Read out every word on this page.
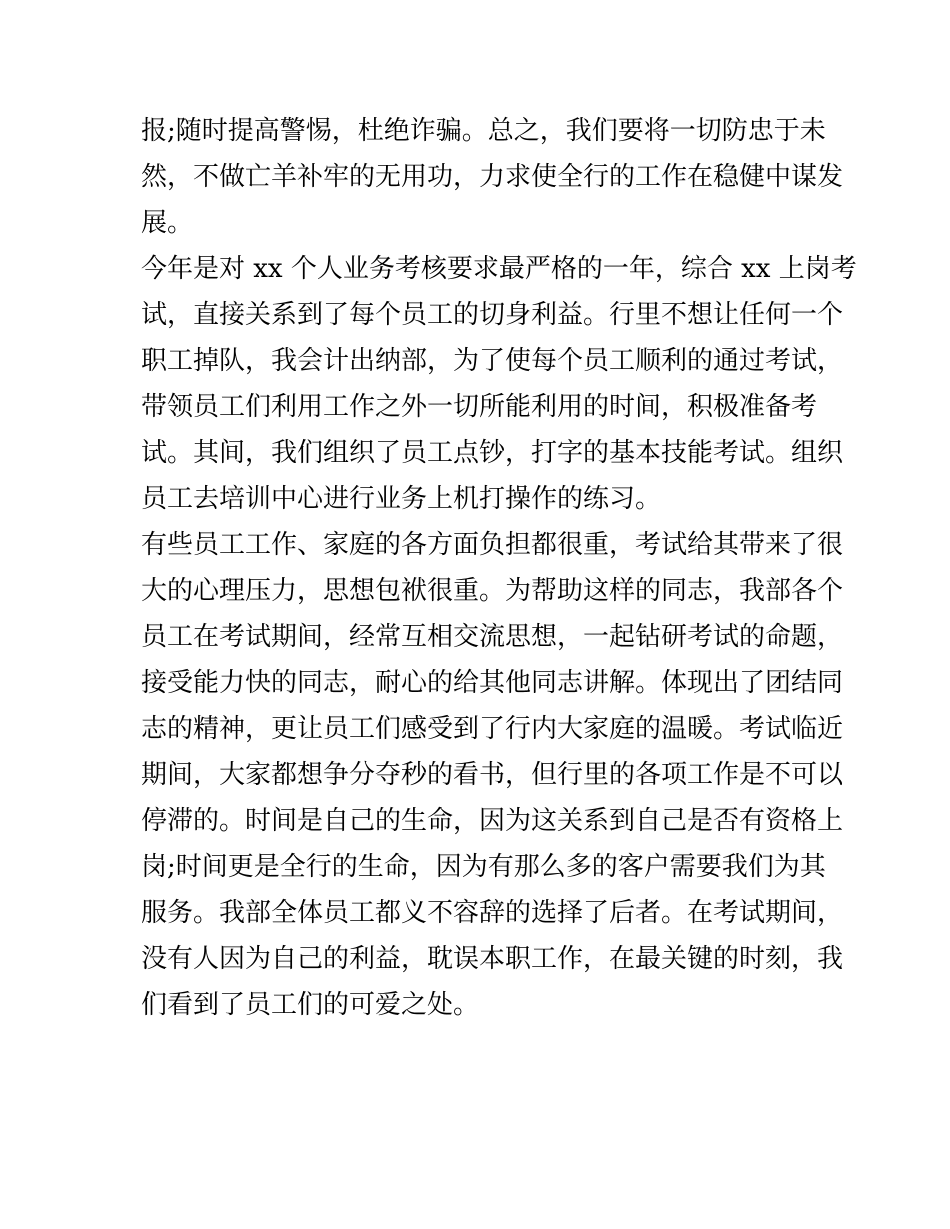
报;随时提高警惕，杜绝诈骗。总之，我们要将一切防忠于未
然，不做亡羊补牢的无用功，力求使全行的工作在稳健中谋发
展。
今年是对 xx 个人业务考核要求最严格的一年，综合 xx 上岗考
试，直接关系到了每个员工的切身利益。行里不想让任何一个
职工掉队，我会计出纳部，为了使每个员工顺利的通过考试，
带领员工们利用工作之外一切所能利用的时间，积极准备考
试。其间，我们组织了员工点钞，打字的基本技能考试。组织
员工去培训中心进行业务上机打操作的练习。
有些员工工作、家庭的各方面负担都很重，考试给其带来了很
大的心理压力，思想包袱很重。为帮助这样的同志，我部各个
员工在考试期间，经常互相交流思想，一起钻研考试的命题，
接受能力快的同志，耐心的给其他同志讲解。体现出了团结同
志的精神，更让员工们感受到了行内大家庭的温暖。考试临近
期间，大家都想争分夺秒的看书，但行里的各项工作是不可以
停滞的。时间是自己的生命，因为这关系到自己是否有资格上
岗;时间更是全行的生命，因为有那么多的客户需要我们为其
服务。我部全体员工都义不容辞的选择了后者。在考试期间，
没有人因为自己的利益，耽误本职工作，在最关键的时刻，我
们看到了员工们的可爱之处。
